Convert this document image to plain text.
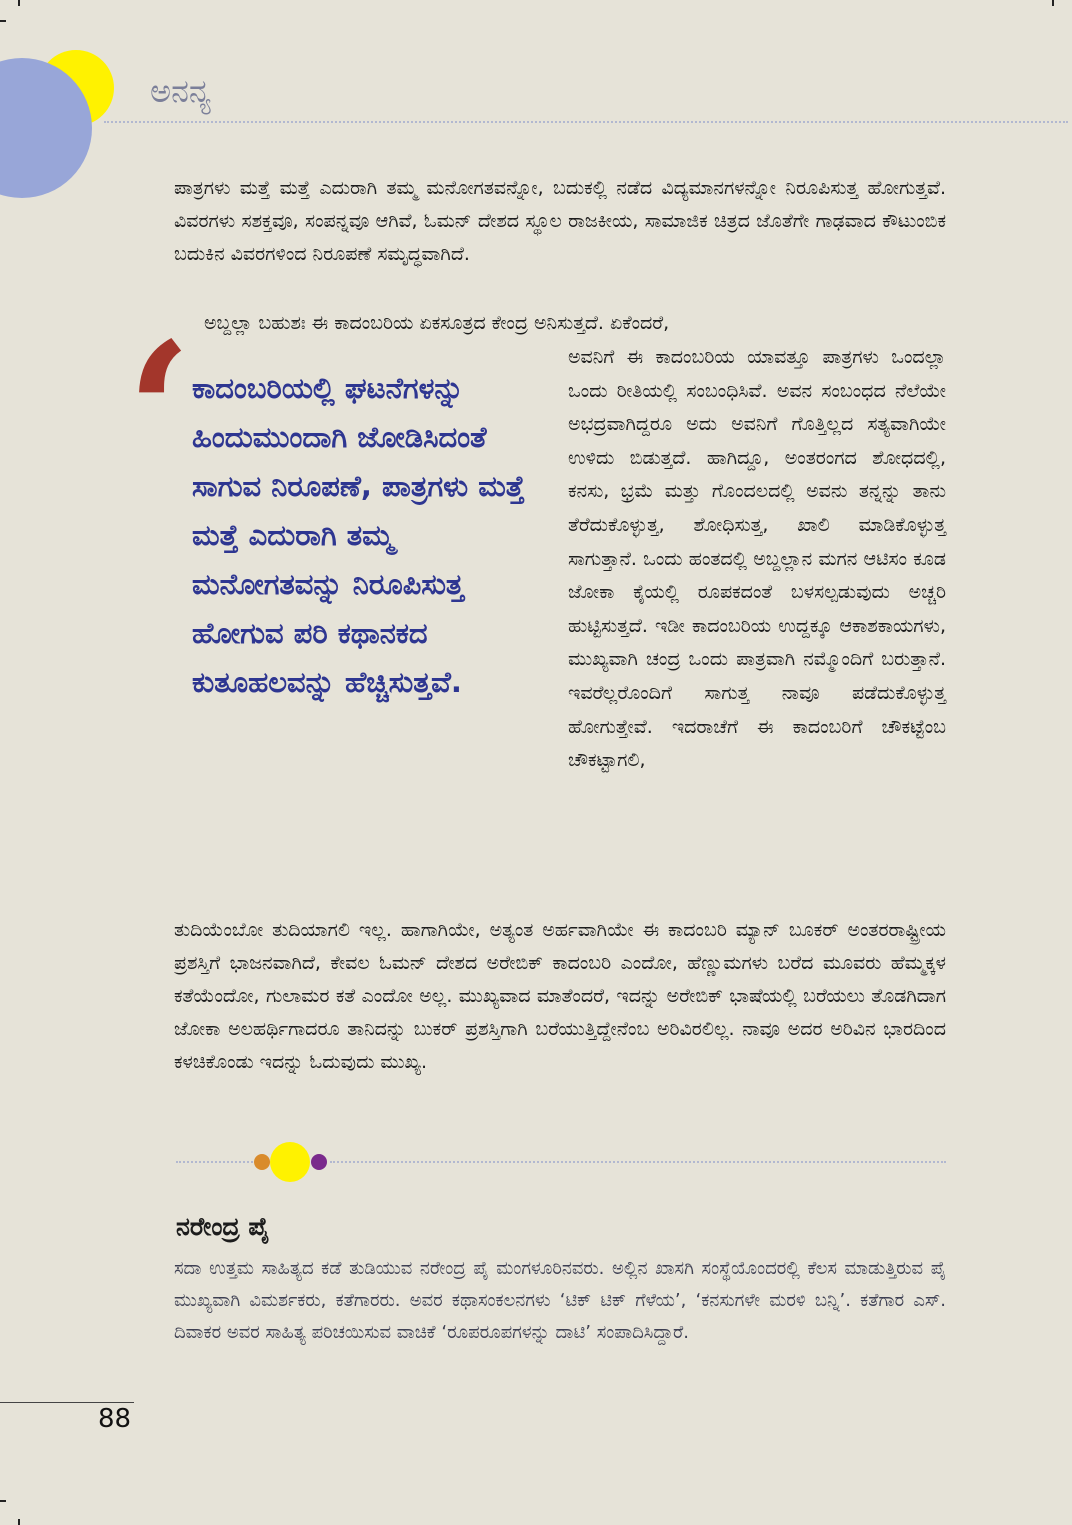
ಅನನ್ಯ

ಪಾತ್ರಗಳು ಮತ್ತೆ ಮತ್ತೆ ಎದುರಾಗಿ ತಮ್ಮ ಮನೋಗತವನ್ನೋ, ಬದುಕಲ್ಲಿ ನಡೆದ ವಿದ್ಯಮಾನಗಳನ್ನೋ ನಿರೂಪಿಸುತ್ತ ಹೋಗುತ್ತವೆ. ವಿವರಗಳು ಸಶಕ್ತವೂ, ಸಂಪನ್ನವೂ ಆಗಿವೆ, ಓಮನ್ ದೇಶದ ಸ್ಥೂಲ ರಾಜಕೀಯ, ಸಾಮಾಜಿಕ ಚಿತ್ರದ ಜೊತೆಗೇ ಗಾಢವಾದ ಕೌಟುಂಬಿಕ ಬದುಕಿನ ವಿವರಗಳಿಂದ ನಿರೂಪಣೆ ಸಮೃದ್ಧವಾಗಿದೆ.

ಅಬ್ದಲ್ಲಾ ಬಹುಶಃ ಈ ಕಾದಂಬರಿಯ ಏಕಸೂತ್ರದ ಕೇಂದ್ರ ಅನಿಸುತ್ತದೆ. ಏಕೆಂದರೆ,

‘ ಕಾದಂಬರಿಯಲ್ಲಿ ಘಟನೆಗಳನ್ನು ಹಿಂದುಮುಂದಾಗಿ ಜೋಡಿಸಿದಂತೆ ಸಾಗುವ ನಿರೂಪಣೆ, ಪಾತ್ರಗಳು ಮತ್ತೆ ಮತ್ತೆ ಎದುರಾಗಿ ತಮ್ಮ ಮನೋಗತವನ್ನು ನಿರೂಪಿಸುತ್ತ ಹೋಗುವ ಪರಿ ಕಥಾನಕದ ಕುತೂಹಲವನ್ನು ಹೆಚ್ಚಿಸುತ್ತವೆ.

ಅವನಿಗೆ ಈ ಕಾದಂಬರಿಯ ಯಾವತ್ತೂ ಪಾತ್ರಗಳು ಒಂದಲ್ಲಾ ಒಂದು ರೀತಿಯಲ್ಲಿ ಸಂಬಂಧಿಸಿವೆ. ಅವನ ಸಂಬಂಧದ ನೆಲೆಯೇ ಅಭದ್ರವಾಗಿದ್ದರೂ ಅದು ಅವನಿಗೆ ಗೊತ್ತಿಲ್ಲದ ಸತ್ಯವಾಗಿಯೇ ಉಳಿದು ಬಿಡುತ್ತದೆ. ಹಾಗಿದ್ದೂ, ಅಂತರಂಗದ ಶೋಧದಲ್ಲಿ, ಕನಸು, ಭ್ರಮೆ ಮತ್ತು ಗೊಂದಲದಲ್ಲಿ ಅವನು ತನ್ನನ್ನು ತಾನು ತೆರೆದುಕೊಳ್ಳುತ್ತ, ಶೋಧಿಸುತ್ತ, ಖಾಲಿ ಮಾಡಿಕೊಳ್ಳುತ್ತ ಸಾಗುತ್ತಾನೆ. ಒಂದು ಹಂತದಲ್ಲಿ ಅಬ್ದಲ್ಲಾನ ಮಗನ ಆಟಿಸಂ ಕೂಡ ಜೋಕಾ ಕೈಯಲ್ಲಿ ರೂಪಕದಂತೆ ಬಳಸಲ್ಪಡುವುದು ಅಚ್ಚರಿ ಹುಟ್ಟಿಸುತ್ತದೆ. ಇಡೀ ಕಾದಂಬರಿಯ ಉದ್ದಕ್ಕೂ ಆಕಾಶಕಾಯಗಳು, ಮುಖ್ಯವಾಗಿ ಚಂದ್ರ ಒಂದು ಪಾತ್ರವಾಗಿ ನಮ್ಮೊಂದಿಗೆ ಬರುತ್ತಾನೆ. ಇವರೆಲ್ಲರೊಂದಿಗೆ ಸಾಗುತ್ತ ನಾವೂ ಪಡೆದುಕೊಳ್ಳುತ್ತ ಹೋಗುತ್ತೇವೆ. ಇದರಾಚೆಗೆ ಈ ಕಾದಂಬರಿಗೆ ಚೌಕಟ್ಟೆಂಬ ಚೌಕಟ್ಟಾಗಲಿ,

ತುದಿಯೆಂಬೋ ತುದಿಯಾಗಲಿ ಇಲ್ಲ. ಹಾಗಾಗಿಯೇ, ಅತ್ಯಂತ ಅರ್ಹವಾಗಿಯೇ ಈ ಕಾದಂಬರಿ ಮ್ಯಾನ್ ಬೂಕರ್ ಅಂತರರಾಷ್ಟ್ರೀಯ ಪ್ರಶಸ್ತಿಗೆ ಭಾಜನವಾಗಿದೆ, ಕೇವಲ ಓಮನ್ ದೇಶದ ಅರೇಬಿಕ್ ಕಾದಂಬರಿ ಎಂದೋ, ಹೆಣ್ಣುಮಗಳು ಬರೆದ ಮೂವರು ಹೆಮ್ಮಕ್ಕಳ ಕತೆಯೆಂದೋ, ಗುಲಾಮರ ಕತೆ ಎಂದೋ ಅಲ್ಲ. ಮುಖ್ಯವಾದ ಮಾತೆಂದರೆ, ಇದನ್ನು ಅರೇಬಿಕ್ ಭಾಷೆಯಲ್ಲಿ ಬರೆಯಲು ತೊಡಗಿದಾಗ ಜೋಕಾ ಅಲಹರ್ಥಿಗಾದರೂ ತಾನಿದನ್ನು ಬುಕರ್ ಪ್ರಶಸ್ತಿಗಾಗಿ ಬರೆಯುತ್ತಿದ್ದೇನೆಂಬ ಅರಿವಿರಲಿಲ್ಲ. ನಾವೂ ಅದರ ಅರಿವಿನ ಭಾರದಿಂದ ಕಳಚಿಕೊಂಡು ಇದನ್ನು ಓದುವುದು ಮುಖ್ಯ.

ನರೇಂದ್ರ ಪೈ

ಸದಾ ಉತ್ತಮ ಸಾಹಿತ್ಯದ ಕಡೆ ತುಡಿಯುವ ನರೇಂದ್ರ ಪೈ ಮಂಗಳೂರಿನವರು. ಅಲ್ಲಿನ ಖಾಸಗಿ ಸಂಸ್ಥೆಯೊಂದರಲ್ಲಿ ಕೆಲಸ ಮಾಡುತ್ತಿರುವ ಪೈ ಮುಖ್ಯವಾಗಿ ವಿಮರ್ಶಕರು, ಕತೆಗಾರರು. ಅವರ ಕಥಾಸಂಕಲನಗಳು ‘ಟಿಕ್ ಟಿಕ್ ಗೆಳೆಯ’, ‘ಕನಸುಗಳೇ ಮರಳಿ ಬನ್ನಿ’. ಕತೆಗಾರ ಎಸ್. ದಿವಾಕರ ಅವರ ಸಾಹಿತ್ಯ ಪರಿಚಯಿಸುವ ವಾಚಿಕೆ ‘ರೂಪರೂಪಗಳನ್ನು ದಾಟಿ’ ಸಂಪಾದಿಸಿದ್ದಾರೆ.

88
